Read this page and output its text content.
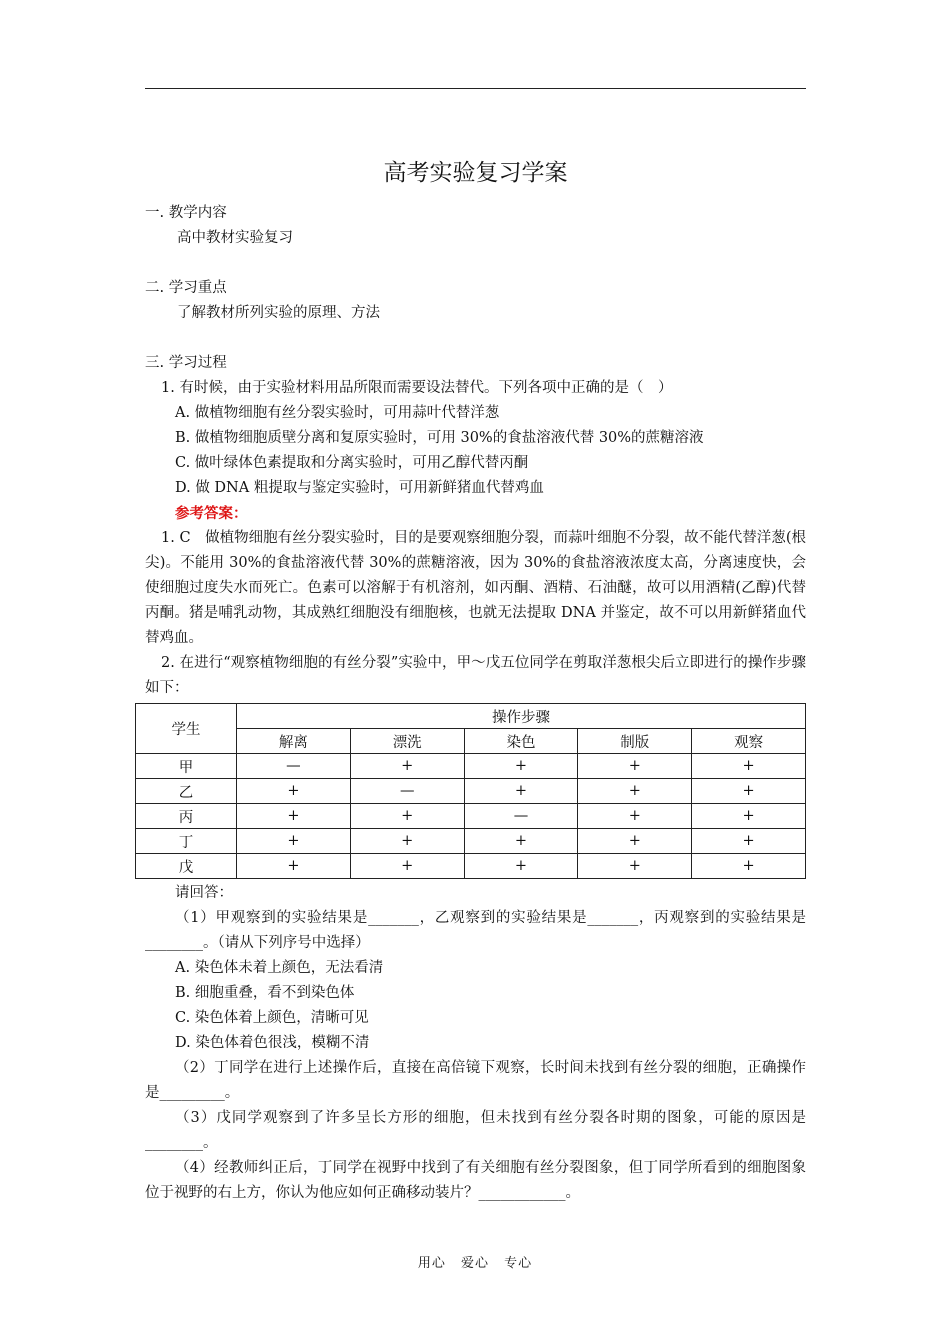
高考实验复习学案
一. 教学内容
高中教材实验复习
二. 学习重点
了解教材所列实验的原理、方法
三. 学习过程
1. 有时候，由于实验材料用品所限而需要设法替代。下列各项中正确的是（　）
A. 做植物细胞有丝分裂实验时，可用蒜叶代替洋葱
B. 做植物细胞质壁分离和复原实验时，可用 30%的食盐溶液代替 30%的蔗糖溶液
C. 做叶绿体色素提取和分离实验时，可用乙醇代替丙酮
D. 做 DNA 粗提取与鉴定实验时，可用新鲜猪血代替鸡血
参考答案：
1. C　做植物细胞有丝分裂实验时，目的是要观察细胞分裂，而蒜叶细胞不分裂，故不能代替洋葱(根尖)。不能用 30%的食盐溶液代替 30%的蔗糖溶液，因为 30%的食盐溶液浓度太高，分离速度快，会使细胞过度失水而死亡。色素可以溶解于有机溶剂，如丙酮、酒精、石油醚，故可以用酒精(乙醇)代替丙酮。猪是哺乳动物，其成熟红细胞没有细胞核，也就无法提取 DNA 并鉴定，故不可以用新鲜猪血代替鸡血。
2. 在进行“观察植物细胞的有丝分裂”实验中，甲～戊五位同学在剪取洋葱根尖后立即进行的操作步骤如下：
学生	操作步骤				
	解离	漂洗	染色	制版	观察
甲	—	+	+	+	+
乙	+	—	+	+	+
丙	+	+	—	+	+
丁	+	+	+	+	+
戊	+	+	+	+	+
请回答：
（1）甲观察到的实验结果是_______，乙观察到的实验结果是_______，丙观察到的实验结果是________。（请从下列序号中选择）
A. 染色体未着上颜色，无法看清
B. 细胞重叠，看不到染色体
C. 染色体着上颜色，清晰可见
D. 染色体着色很浅，模糊不清
（2）丁同学在进行上述操作后，直接在高倍镜下观察，长时间未找到有丝分裂的细胞，正确操作是_________。
（3）戊同学观察到了许多呈长方形的细胞，但未找到有丝分裂各时期的图象，可能的原因是________。
（4）经教师纠正后，丁同学在视野中找到了有关细胞有丝分裂图象，但丁同学所看到的细胞图象位于视野的右上方，你认为他应如何正确移动装片？____________。
用心 爱心 专心
